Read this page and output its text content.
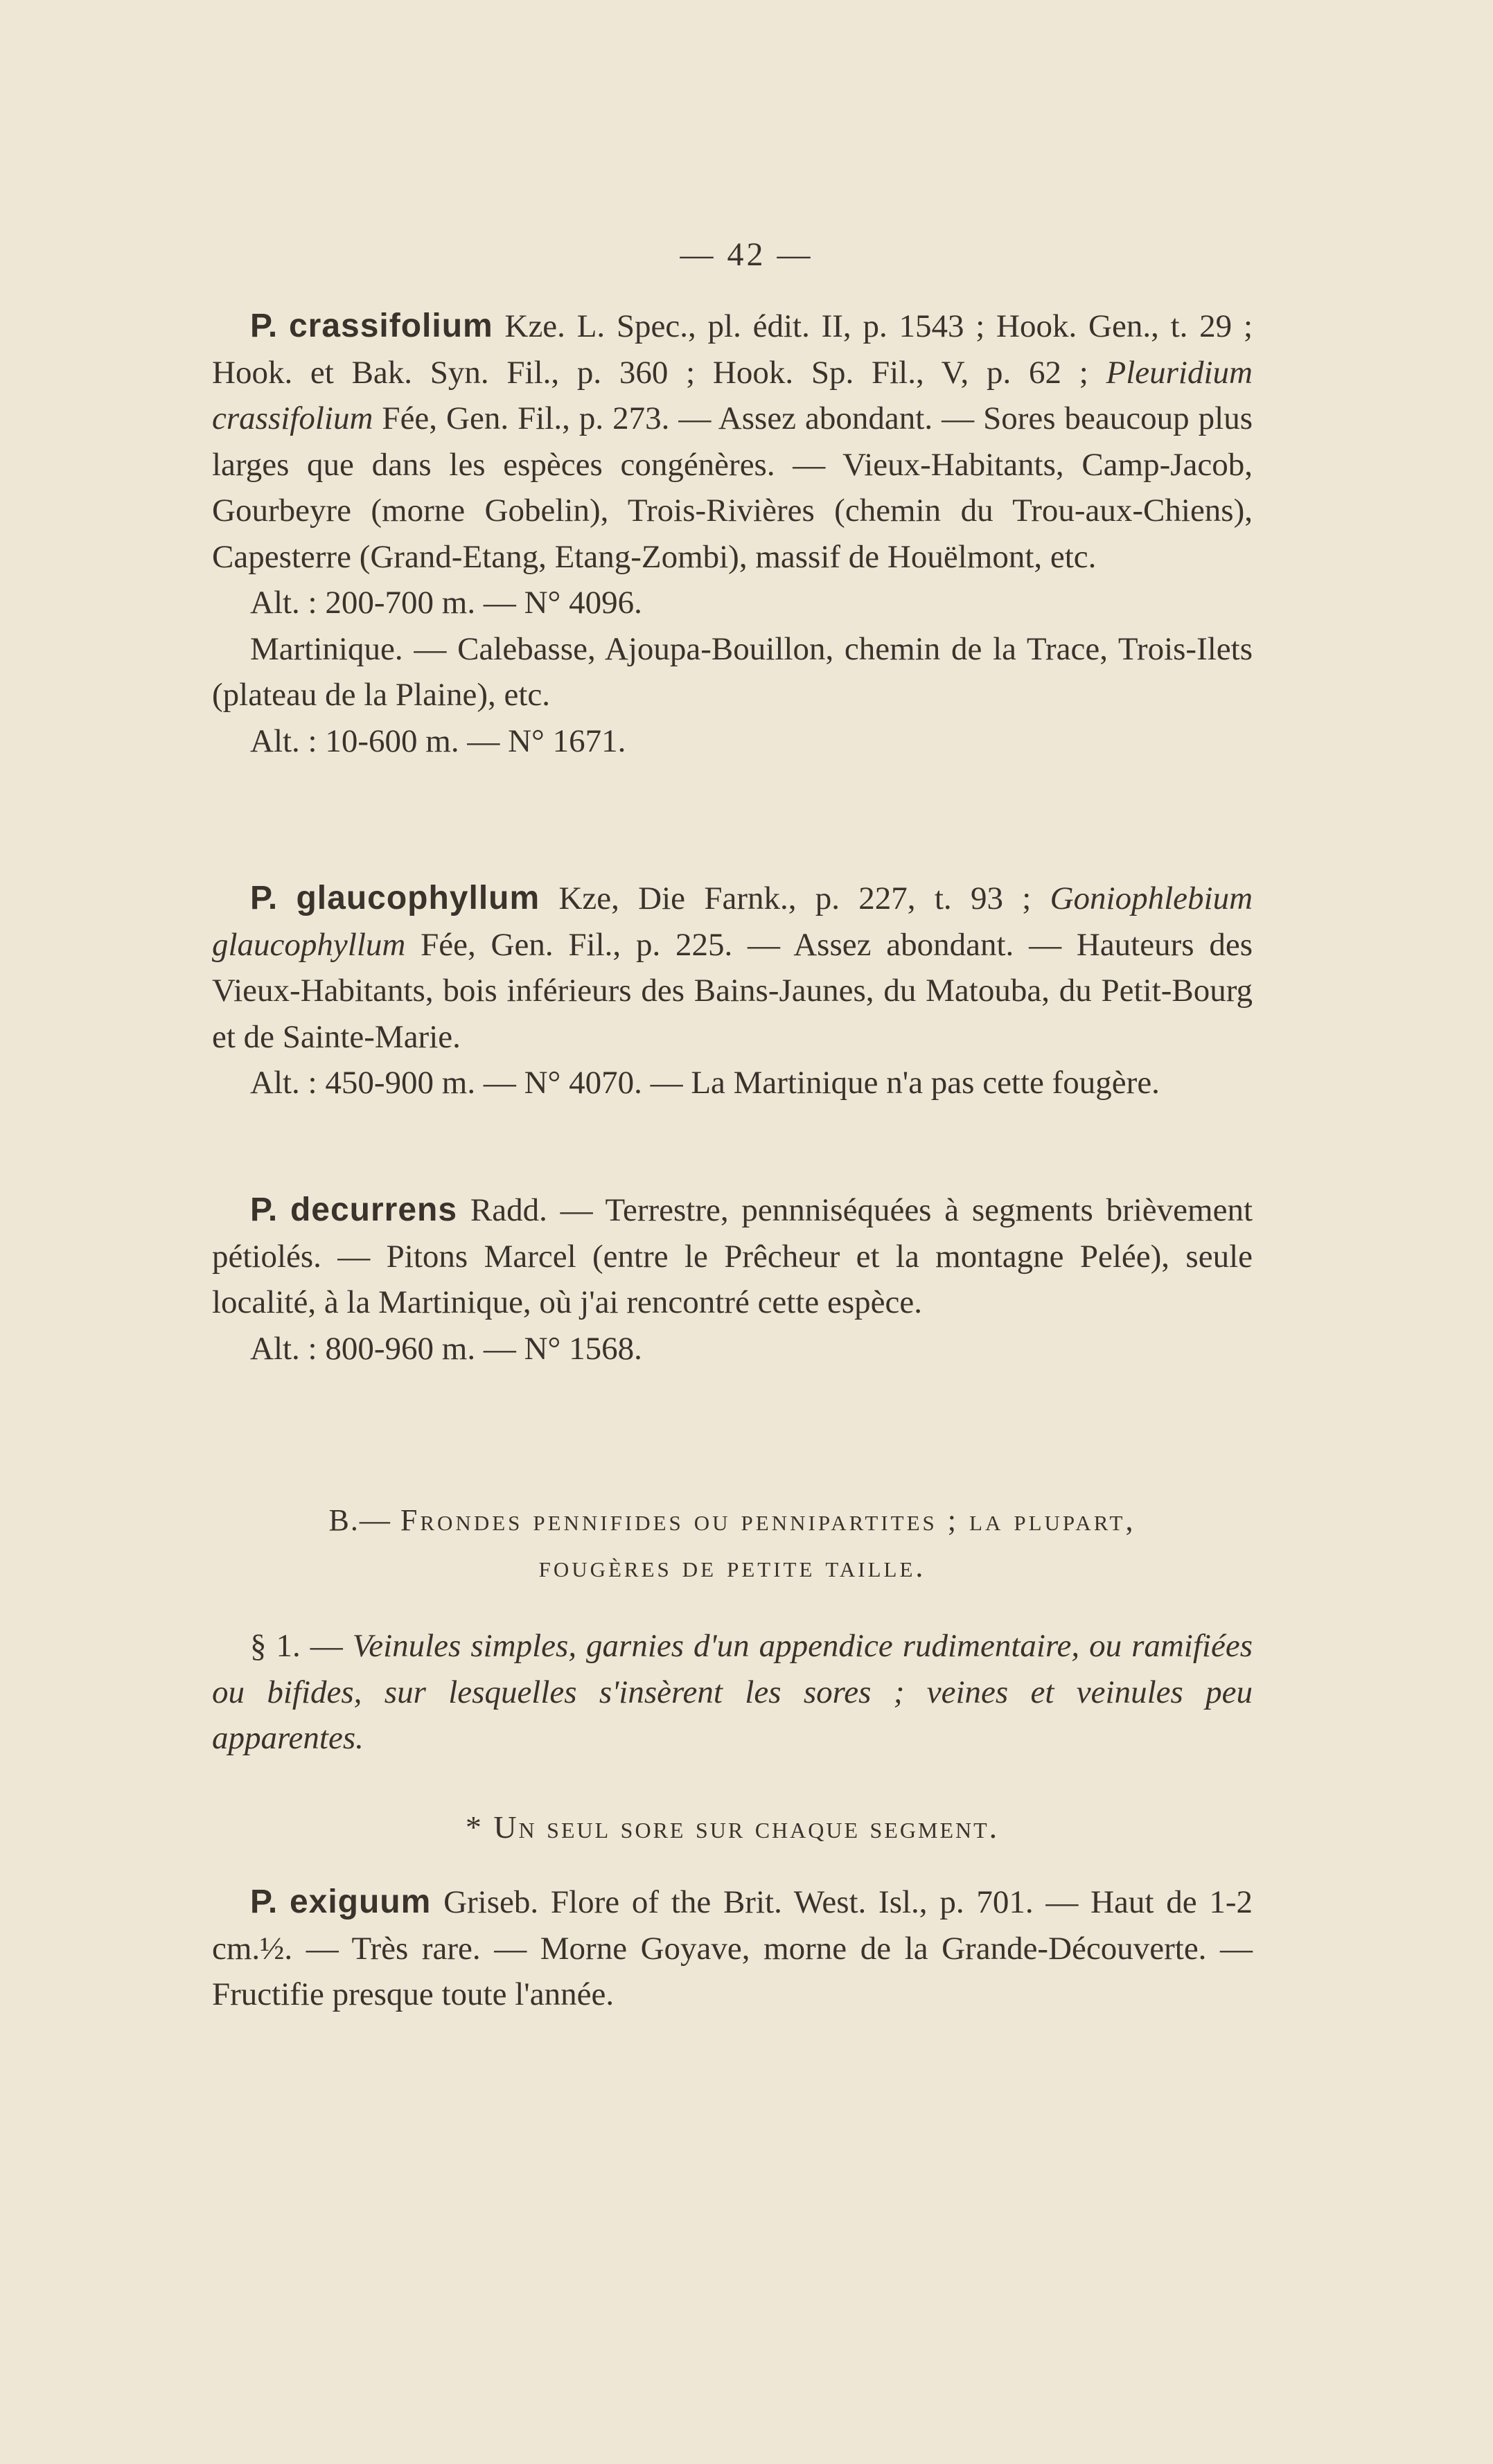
— 42 —

P. crassifolium Kze. L. Spec., pl. édit. II, p. 1543 ; Hook. Gen., t. 29 ; Hook. et Bak. Syn. Fil., p. 360 ; Hook. Sp. Fil., V, p. 62 ; Pleuridium crassifolium Fée, Gen. Fil., p. 273. — Assez abondant. — Sores beaucoup plus larges que dans les espèces congénères. — Vieux-Habitants, Camp-Jacob, Gourbeyre (morne Gobelin), Trois-Rivières (chemin du Trou-aux-Chiens), Capesterre (Grand-Etang, Etang-Zombi), massif de Houëlmont, etc.

Alt. : 200-700 m. — N° 4096.

Martinique. — Calebasse, Ajoupa-Bouillon, chemin de la Trace, Trois-Ilets (plateau de la Plaine), etc.

Alt. : 10-600 m. — N° 1671.

P. glaucophyllum Kze, Die Farnk., p. 227, t. 93 ; Goniophlebium glaucophyllum Fée, Gen. Fil., p. 225. — Assez abondant. — Hauteurs des Vieux-Habitants, bois inférieurs des Bains-Jaunes, du Matouba, du Petit-Bourg et de Sainte-Marie.

Alt. : 450-900 m. — N° 4070. — La Martinique n'a pas cette fougère.

P. decurrens Radd. — Terrestre, pennniséquées à segments brièvement pétiolés. — Pitons Marcel (entre le Prêcheur et la montagne Pelée), seule localité, à la Martinique, où j'ai rencontré cette espèce.

Alt. : 800-960 m. — N° 1568.

B.— Frondes pennifides ou pennipartites ; la plupart,
fougères de petite taille.

§ 1. — Veinules simples, garnies d'un appendice rudimentaire, ou ramifiées ou bifides, sur lesquelles s'insèrent les sores ; veines et veinules peu apparentes.

* Un seul sore sur chaque segment.

P. exiguum Griseb. Flore of the Brit. West. Isl., p. 701. — Haut de 1-2 cm.½. — Très rare. — Morne Goyave, morne de la Grande-Découverte. — Fructifie presque toute l'année.
